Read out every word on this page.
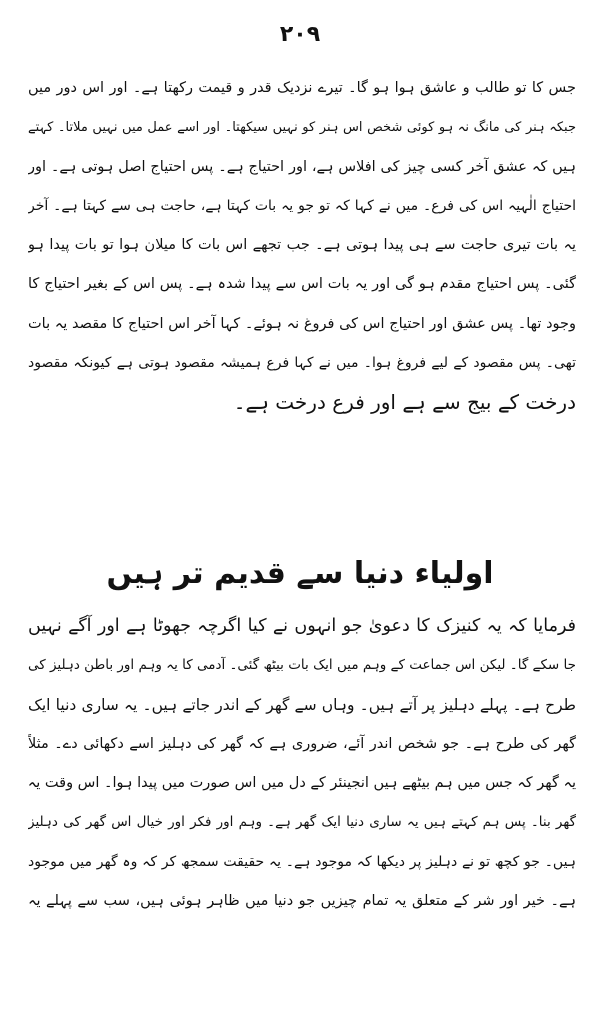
۲۰۹
جس کا تو طالب و عاشق ہوا ہو گا۔ تیرے نزدیک قدر و قیمت رکھتا ہے۔ اور اس دور میں
جبکہ ہنر کی مانگ نہ ہو کوئی شخص اس ہنر کو نہیں سیکھتا۔ اور اسے عمل میں نہیں ملاتا۔ کہتے
ہیں کہ عشق آخر کسی چیز کی افلاس ہے، اور احتیاج ہے۔ پس احتیاج اصل ہوتی ہے۔ اور
احتیاج الٰہیہ اس کی فرع۔ میں نے کہا کہ تو جو یہ بات کہتا ہے، حاجت ہی سے کہتا ہے۔ آخر
یہ بات تیری حاجت سے ہی پیدا ہوتی ہے۔ جب تجھے اس بات کا میلان ہوا تو بات پیدا ہو
گئی۔ پس احتیاج مقدم ہو گی اور یہ بات اس سے پیدا شدہ ہے۔ پس اس کے بغیر احتیاج کا
وجود تھا۔ پس عشق اور احتیاج اس کی فروغ نہ ہوئے۔ کہا آخر اس احتیاج کا مقصد یہ بات
تھی۔ پس مقصود کے لیے فروغ ہوا۔ میں نے کہا فرع ہمیشہ مقصود ہوتی ہے کیونکہ مقصود
درخت کے بیج سے ہے اور فرع درخت ہے۔
اولیاء دنیا سے قدیم تر ہیں
فرمایا کہ یہ کنیزک کا دعویٰ جو انہوں نے کیا اگرچہ جھوٹا ہے اور آگے نہیں
جا سکے گا۔ لیکن اس جماعت کے وہم میں ایک بات بیٹھ گئی۔ آدمی کا یہ وہم اور باطن دہلیز کی
طرح ہے۔ پہلے دہلیز پر آتے ہیں۔ وہاں سے گھر کے اندر جاتے ہیں۔ یہ ساری دنیا ایک
گھر کی طرح ہے۔ جو شخص اندر آئے، ضروری ہے کہ گھر کی دہلیز اسے دکھائی دے۔ مثلاً
یہ گھر کہ جس میں ہم بیٹھے ہیں انجینئر کے دل میں اس صورت میں پیدا ہوا۔ اس وقت یہ
گھر بنا۔ پس ہم کہتے ہیں یہ ساری دنیا ایک گھر ہے۔ وہم اور فکر اور خیال اس گھر کی دہلیز
ہیں۔ جو کچھ تو نے دہلیز پر دیکھا کہ موجود ہے۔ یہ حقیقت سمجھ کر کہ وہ گھر میں موجود
ہے۔ خیر اور شر کے متعلق یہ تمام چیزیں جو دنیا میں ظاہر ہوئی ہیں، سب سے پہلے یہ
